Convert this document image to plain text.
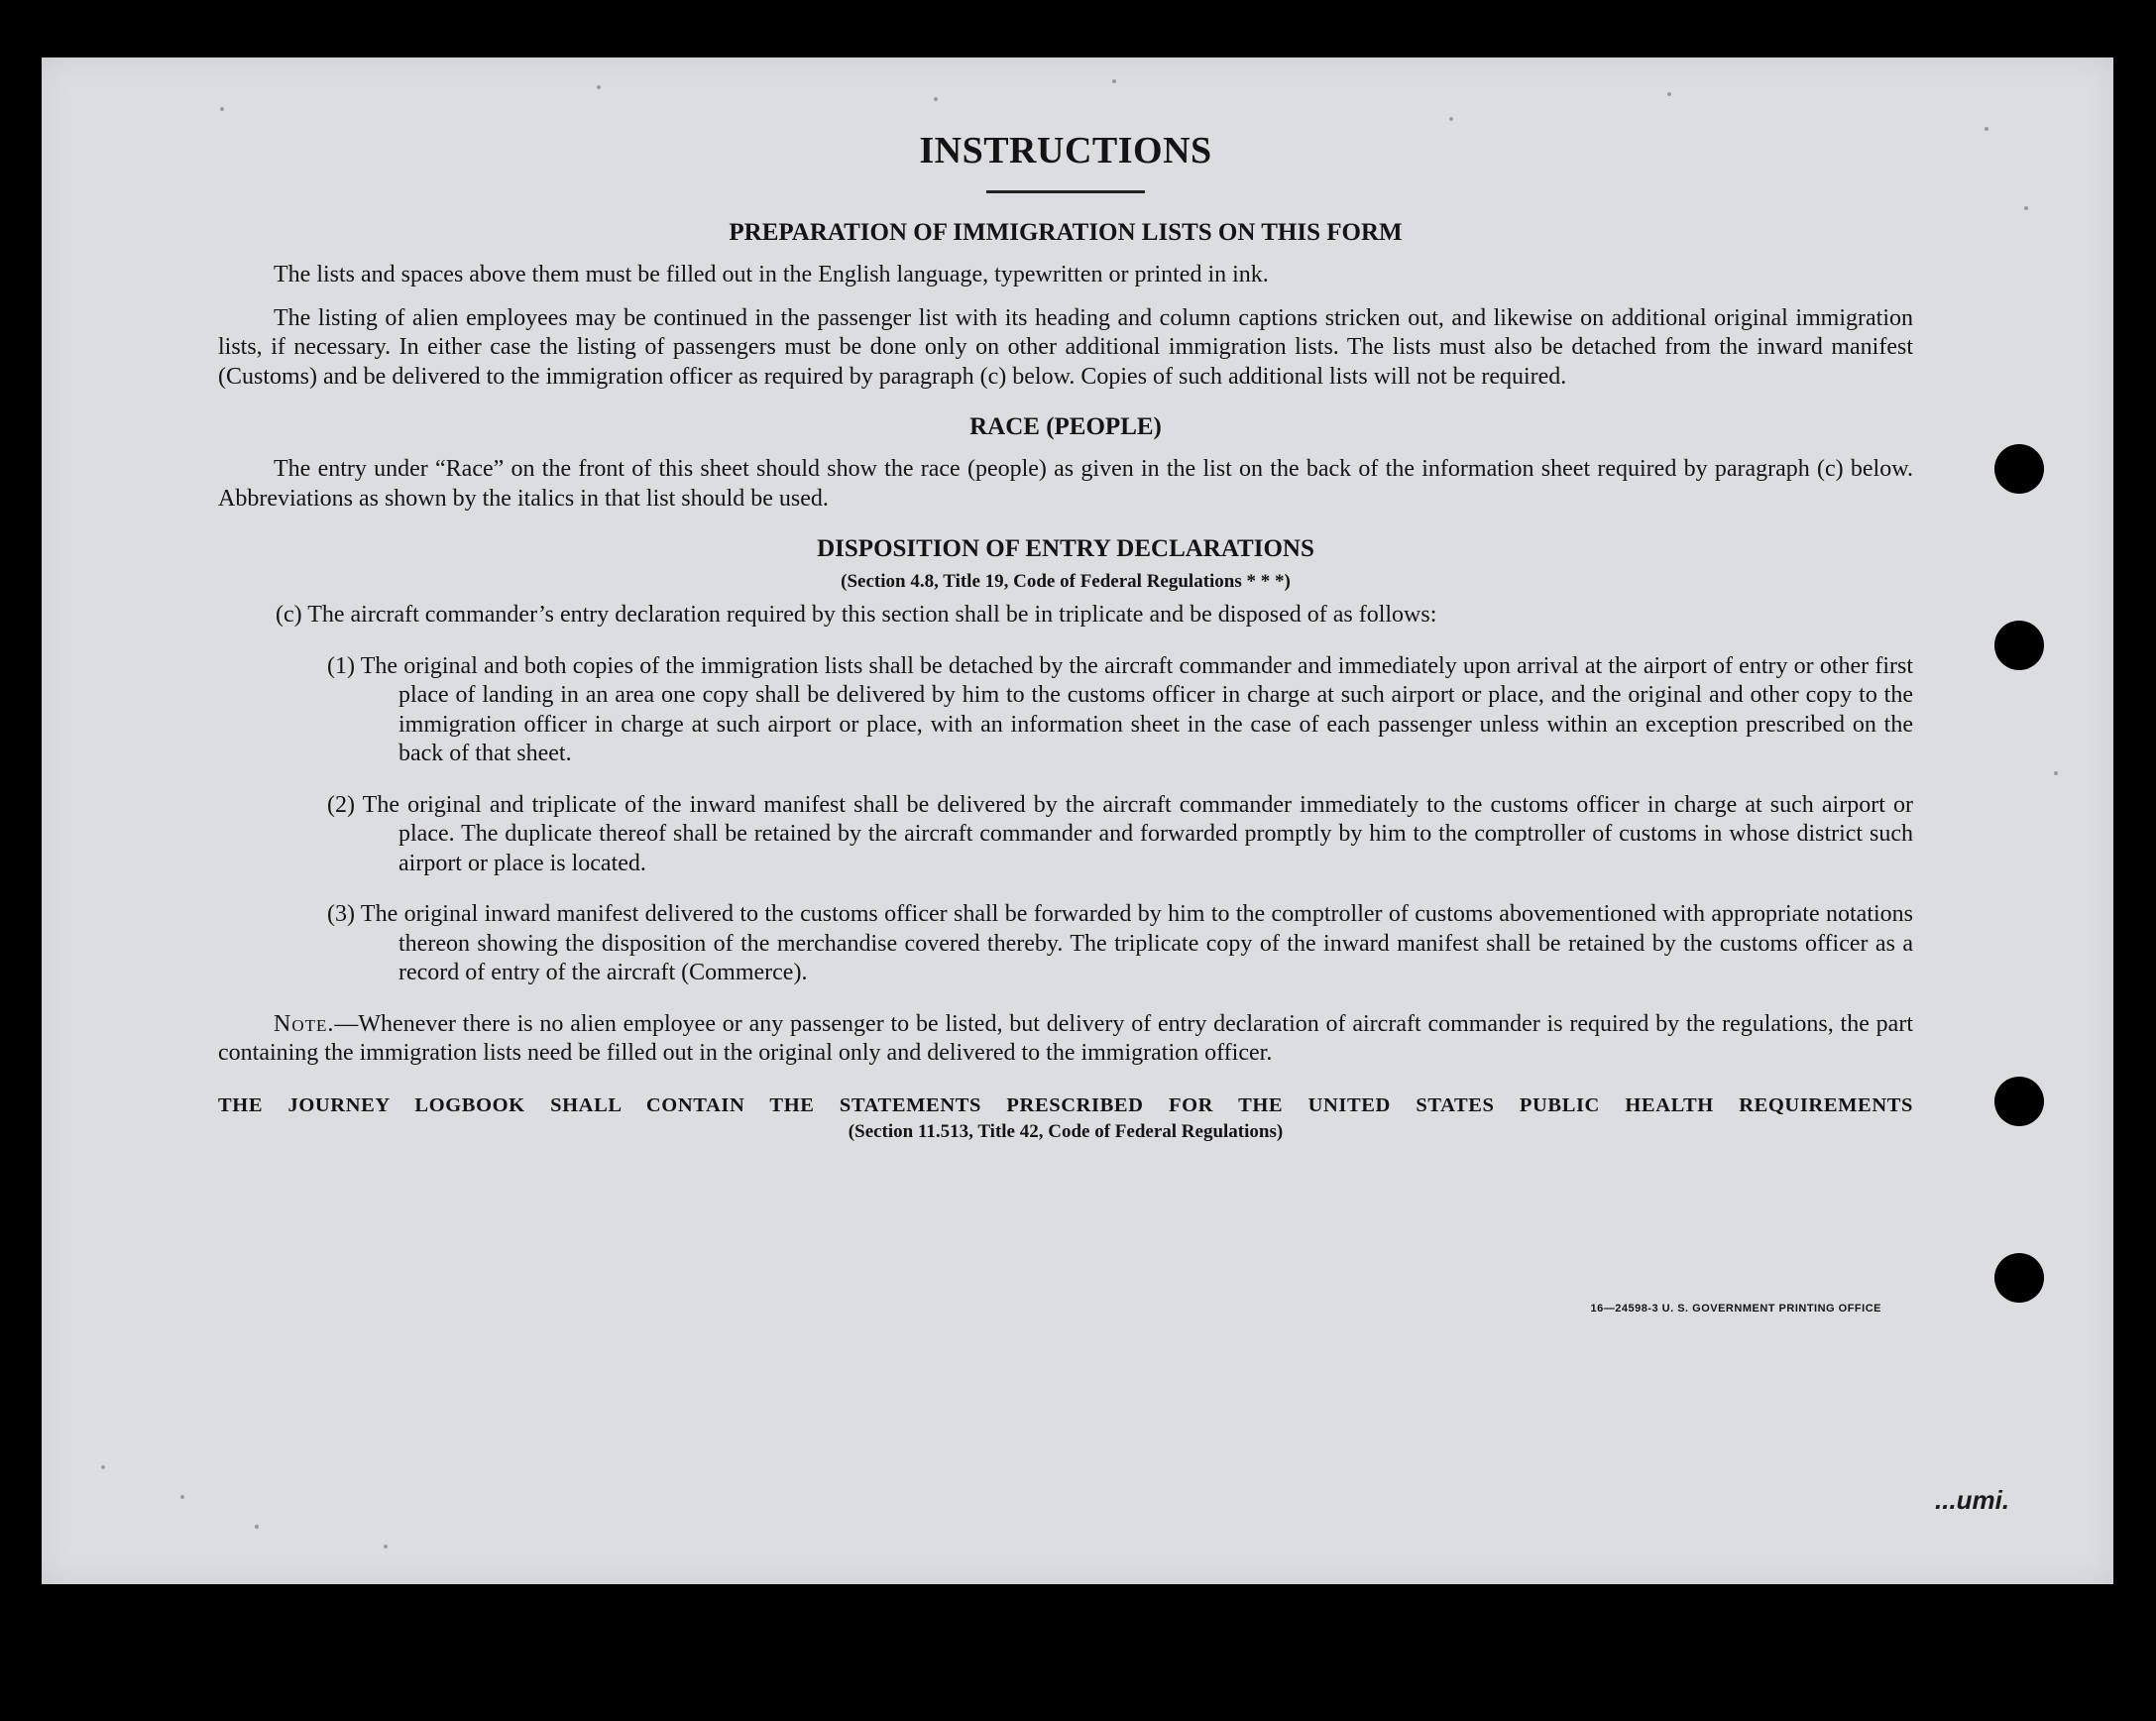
16—24598-3 U. S. GOVERNMENT PRINTING OFFICE
...umi.
INSTRUCTIONS
PREPARATION OF IMMIGRATION LISTS ON THIS FORM

The lists and spaces above them must be filled out in the English language, typewritten or printed in ink.

The listing of alien employees may be continued in the passenger list with its heading and column captions stricken out, and likewise on additional original immigration lists, if necessary. In either case the listing of passengers must be done only on other additional immigration lists. The lists must also be detached from the inward manifest (Customs) and be delivered to the immigration officer as required by paragraph (c) below. Copies of such additional lists will not be required.

RACE (PEOPLE)

The entry under “Race” on the front of this sheet should show the race (people) as given in the list on the back of the information sheet required by paragraph (c) below. Abbreviations as shown by the italics in that list should be used.

DISPOSITION OF ENTRY DECLARATIONS
(Section 4.8, Title 19, Code of Federal Regulations * * *)

(c) The aircraft commander’s entry declaration required by this section shall be in triplicate and be disposed of as follows:

(1) The original and both copies of the immigration lists shall be detached by the aircraft commander and immediately upon arrival at the airport of entry or other first place of landing in an area one copy shall be delivered by him to the customs officer in charge at such airport or place, and the original and other copy to the immigration officer in charge at such airport or place, with an information sheet in the case of each passenger unless within an exception prescribed on the back of that sheet.

(2) The original and triplicate of the inward manifest shall be delivered by the aircraft commander immediately to the customs officer in charge at such airport or place. The duplicate thereof shall be retained by the aircraft commander and forwarded promptly by him to the comptroller of customs in whose district such airport or place is located.

(3) The original inward manifest delivered to the customs officer shall be forwarded by him to the comptroller of customs abovementioned with appropriate notations thereon showing the disposition of the merchandise covered thereby. The triplicate copy of the inward manifest shall be retained by the customs officer as a record of entry of the aircraft (Commerce).

Note.—Whenever there is no alien employee or any passenger to be listed, but delivery of entry declaration of aircraft commander is required by the regulations, the part containing the immigration lists need be filled out in the original only and delivered to the immigration officer.

THE JOURNEY LOGBOOK SHALL CONTAIN THE STATEMENTS PRESCRIBED FOR THE UNITED STATES PUBLIC HEALTH REQUIREMENTS
(Section 11.513, Title 42, Code of Federal Regulations)
